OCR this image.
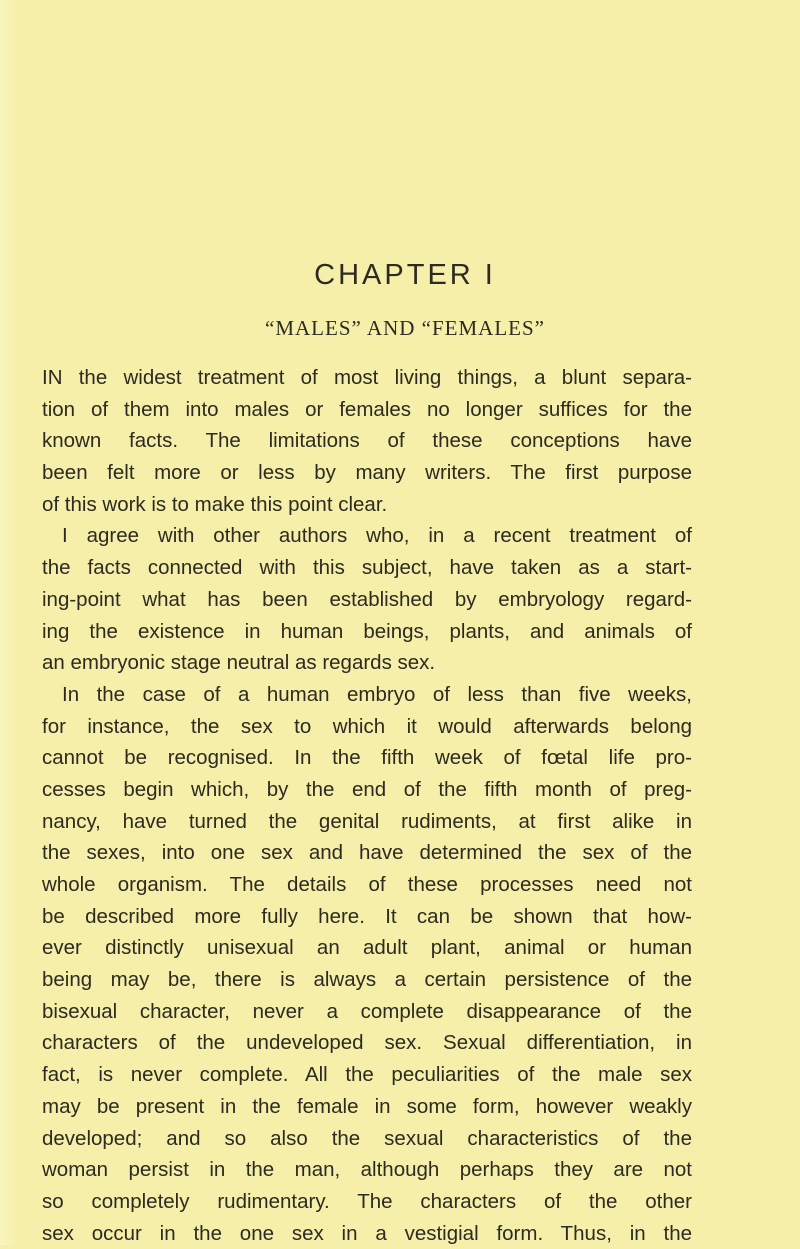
CHAPTER I
“MALES” AND “FEMALES”
IN the widest treatment of most living things, a blunt separa-
tion of them into males or females no longer suffices for the
known facts. The limitations of these conceptions have
been felt more or less by many writers. The first purpose
of this work is to make this point clear.
I agree with other authors who, in a recent treatment of
the facts connected with this subject, have taken as a start-
ing-point what has been established by embryology regard-
ing the existence in human beings, plants, and animals of
an embryonic stage neutral as regards sex.
In the case of a human embryo of less than five weeks,
for instance, the sex to which it would afterwards belong
cannot be recognised. In the fifth week of fœtal life pro-
cesses begin which, by the end of the fifth month of preg-
nancy, have turned the genital rudiments, at first alike in
the sexes, into one sex and have determined the sex of the
whole organism. The details of these processes need not
be described more fully here. It can be shown that how-
ever distinctly unisexual an adult plant, animal or human
being may be, there is always a certain persistence of the
bisexual character, never a complete disappearance of the
characters of the undeveloped sex. Sexual differentiation, in
fact, is never complete. All the peculiarities of the male sex
may be present in the female in some form, however weakly
developed; and so also the sexual characteristics of the
woman persist in the man, although perhaps they are not
so completely rudimentary. The characters of the other
sex occur in the one sex in a vestigial form. Thus, in the
